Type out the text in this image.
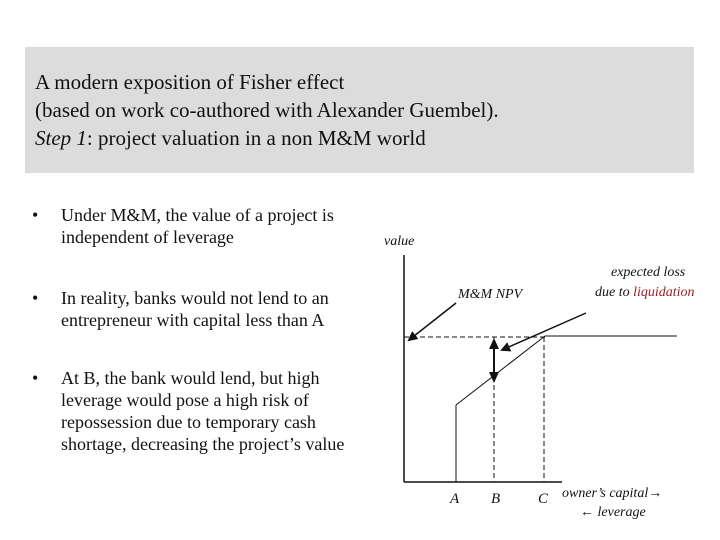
A modern exposition of Fisher effect
(based on work co-authored with Alexander Guembel).
Step 1: project valuation in a non M&M world
• Under M&M, the value of a project is independent of leverage
• In reality, banks would not lend to an entrepreneur with capital less than A
• At B, the bank would lend, but high leverage would pose a high risk of repossession due to temporary cash shortage, decreasing the project’s value
value
M&M NPV
expected loss
due to liquidation
A B	C owner’s capital→
← leverage
